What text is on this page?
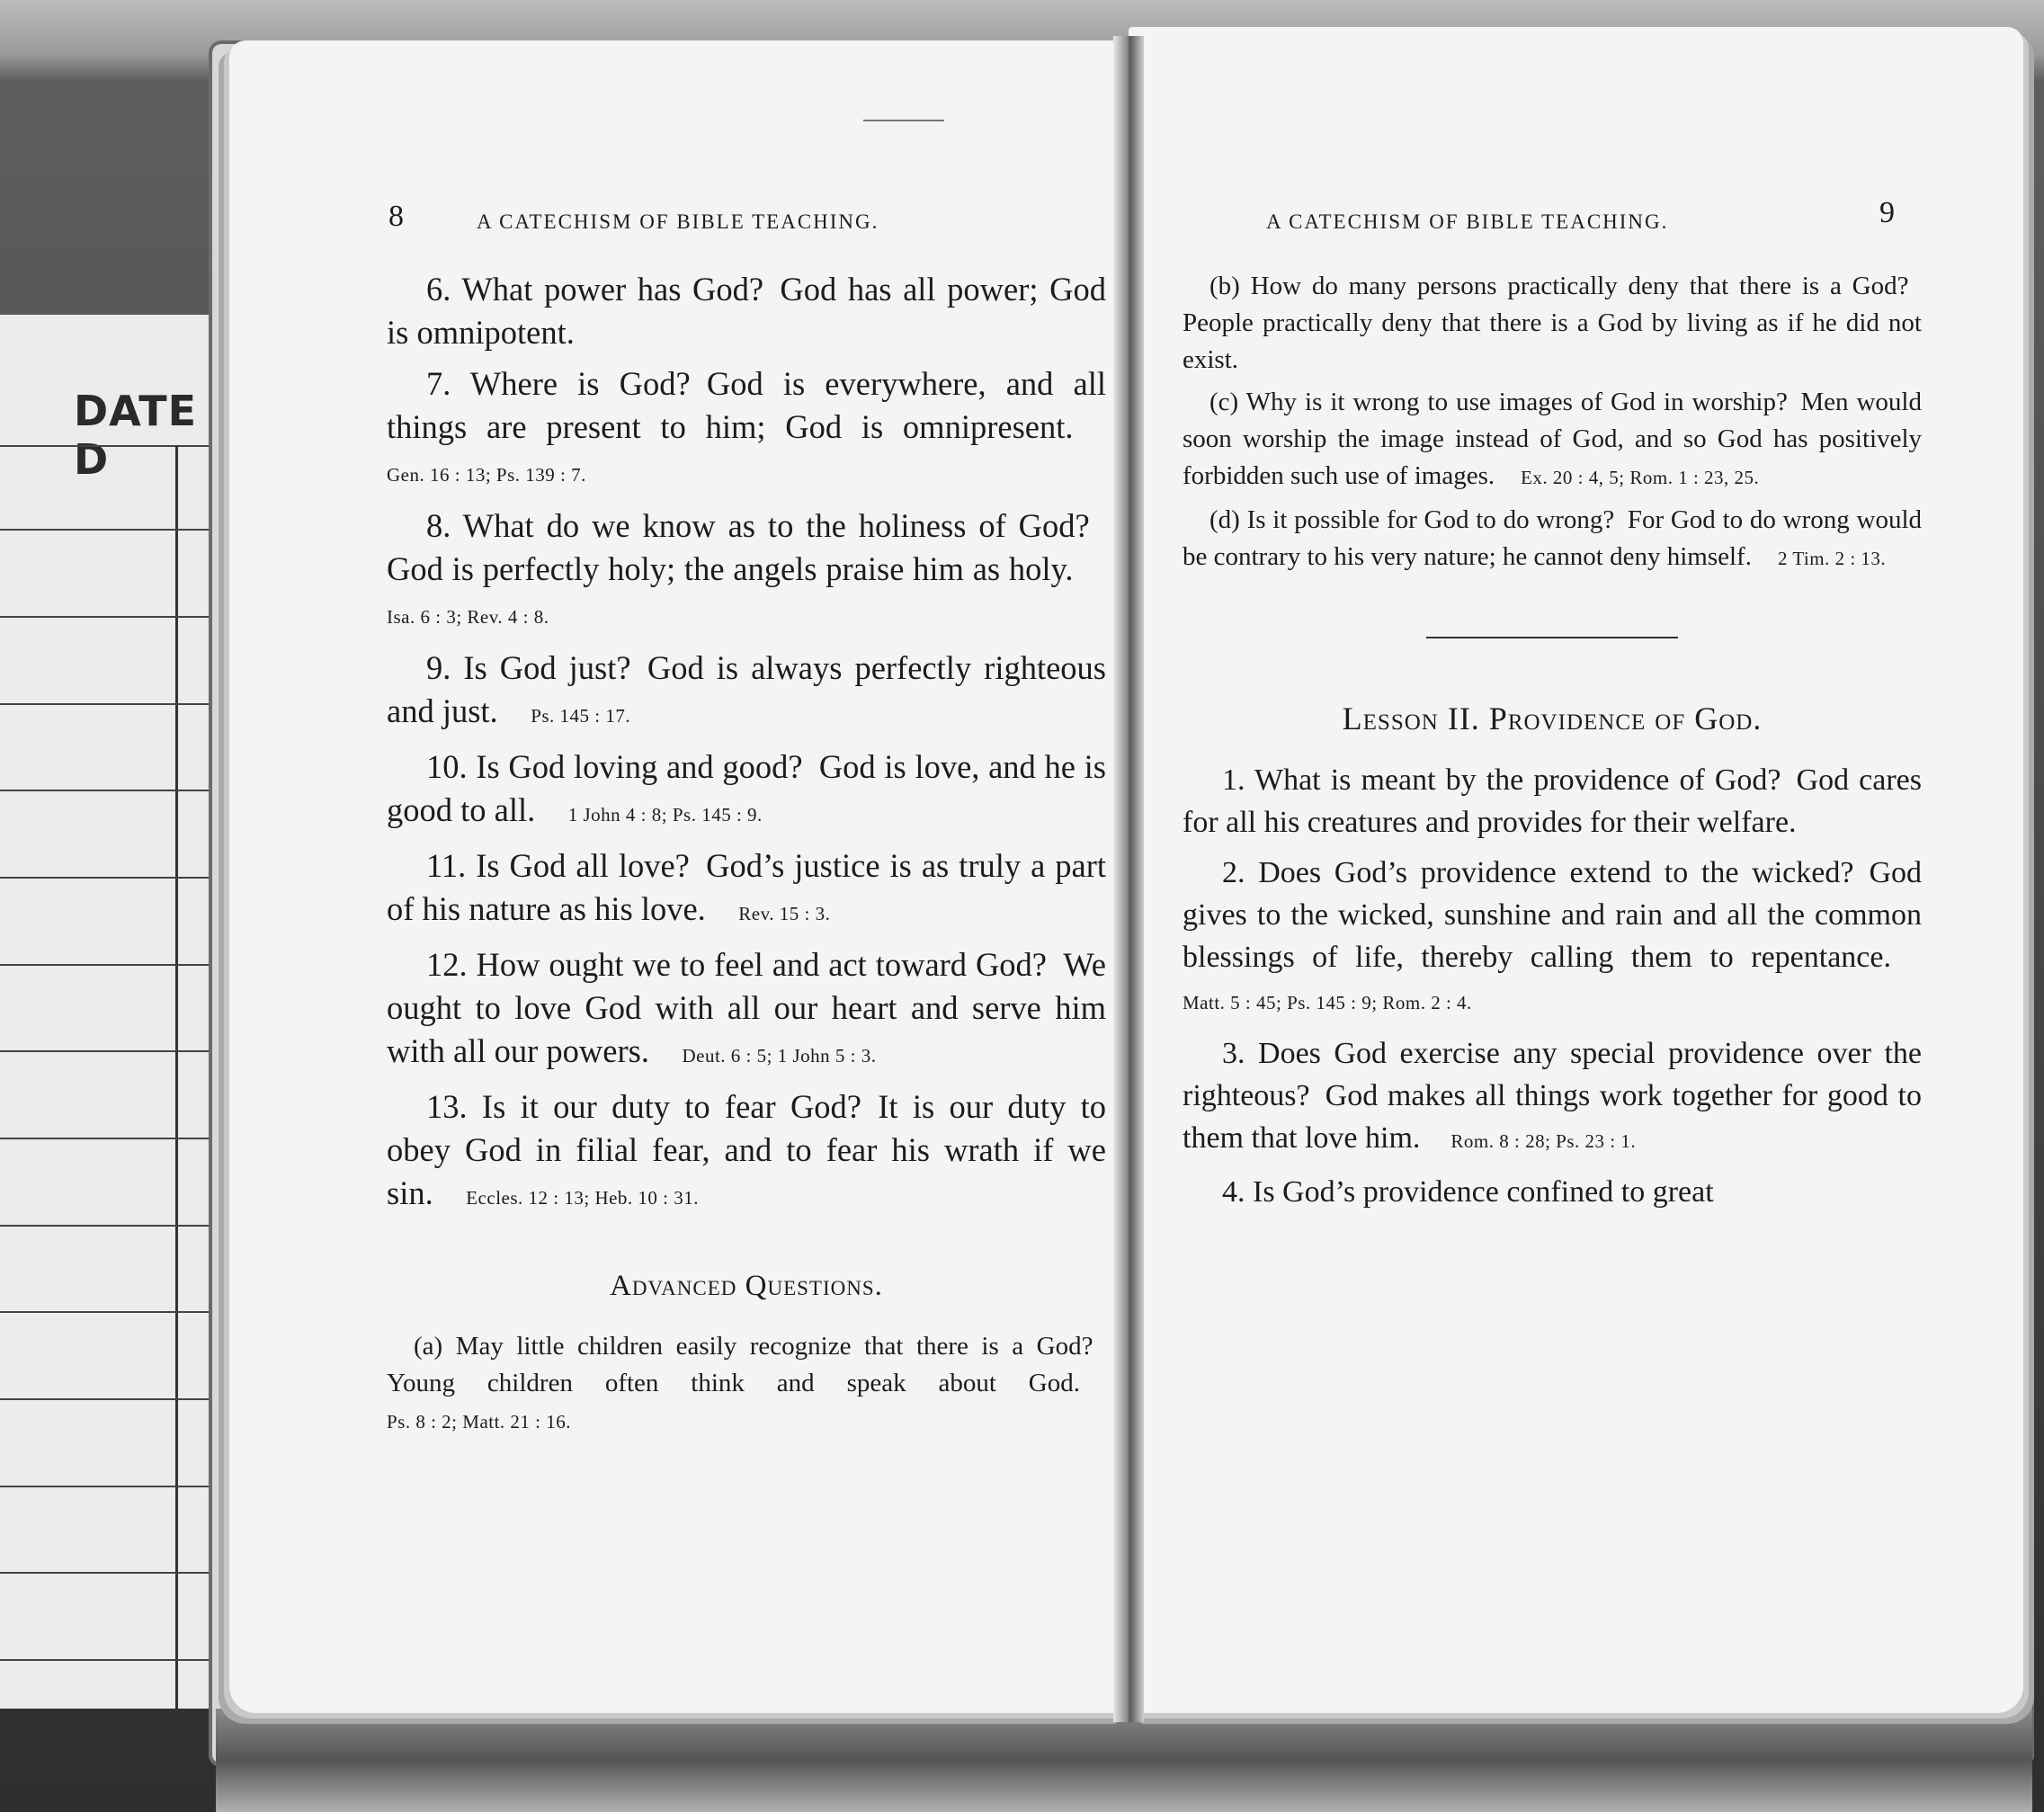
DATE D
8	A CATECHISM OF BIBLE TEACHING.

6. What power has God?  God has all power; God is omnipotent.

7. Where is God?  God is everywhere, and all things are present to him; God is omnipresent. Gen. 16 : 13; Ps. 139 : 7.

8. What do we know as to the holiness of God? God is perfectly holy; the angels praise him as holy. Isa. 6 : 3; Rev. 4 : 8.

9. Is God just?  God is always perfectly righteous and just.  Ps. 145 : 17.

10. Is God loving and good?  God is love, and he is good to all.  1 John 4 : 8; Ps. 145 : 9.

11. Is God all love?  God’s justice is as truly a part of his nature as his love.  Rev. 15 : 3.

12. How ought we to feel and act toward God?  We ought to love God with all our heart and serve him with all our powers.  Deut. 6 : 5; 1 John 5 : 3.

13. Is it our duty to fear God?  It is our duty to obey God in filial fear, and to fear his wrath if we sin.  Eccles. 12 : 13; Heb. 10 : 31.

Advanced Questions.

(a) May little children easily recognize that there is a God? Young children often think and speak about God. Ps. 8 : 2; Matt. 21 : 16.

A CATECHISM OF BIBLE TEACHING.	9

(b) How do many persons practically deny that there is a God? People practically deny that there is a God by living as if he did not exist.

(c) Why is it wrong to use images of God in worship?  Men would soon worship the image instead of God, and so God has positively forbidden such use of images.  Ex. 20 : 4, 5; Rom. 1 : 23, 25.

(d) Is it possible for God to do wrong?  For God to do wrong would be contrary to his very nature; he cannot deny himself.  2 Tim. 2 : 13.

Lesson II. Providence of God.

1. What is meant by the providence of God?  God cares for all his creatures and provides for their welfare.

2. Does God’s providence extend to the wicked?  God gives to the wicked, sunshine and rain and all the common blessings of life, thereby calling them to repentance. Matt. 5 : 45; Ps. 145 : 9; Rom. 2 : 4.

3. Does God exercise any special providence over the righteous?  God makes all things work together for good to them that love him.  Rom. 8 : 28; Ps. 23 : 1.

4. Is God’s providence confined to great
